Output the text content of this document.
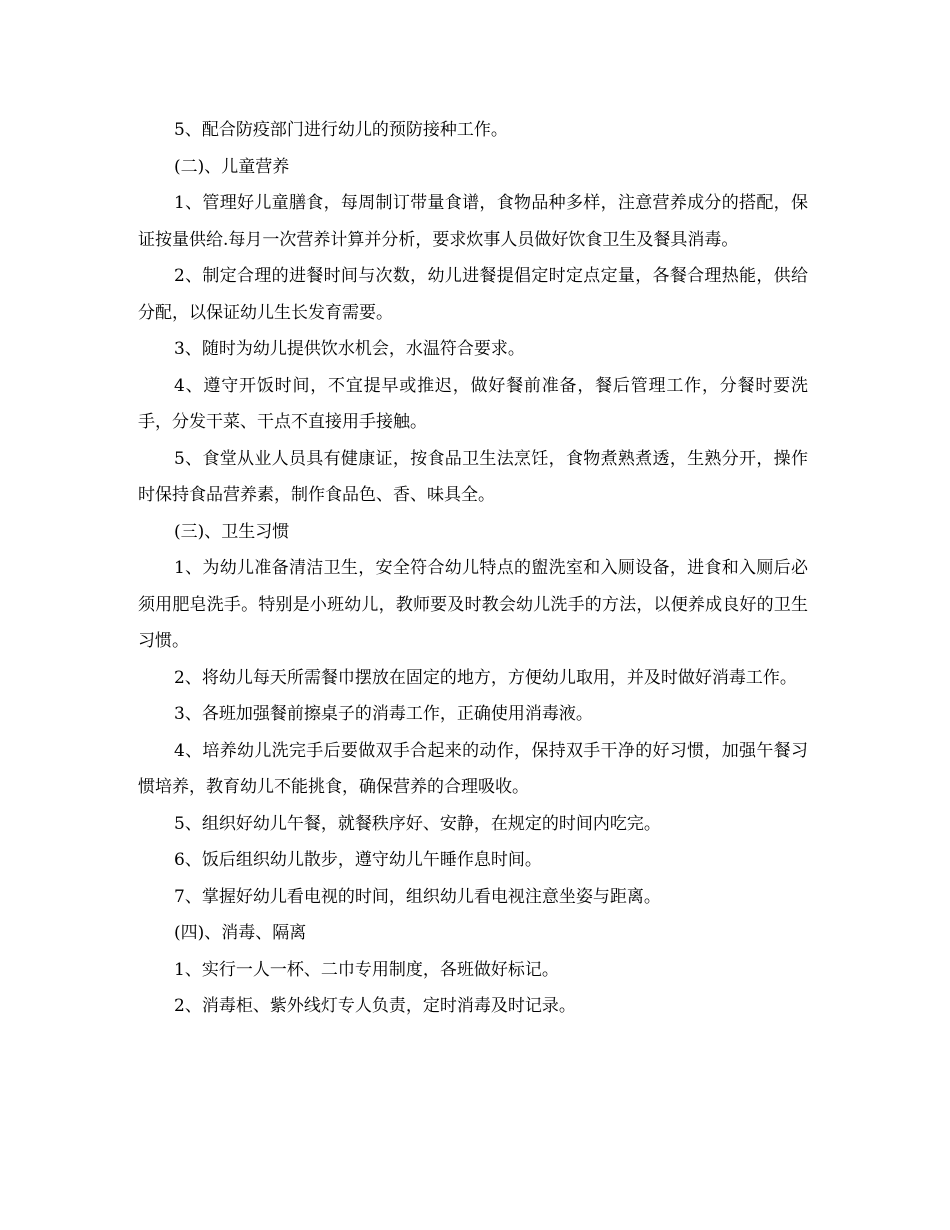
5、配合防疫部门进行幼儿的预防接种工作。

(二)、儿童营养

1、管理好儿童膳食，每周制订带量食谱，食物品种多样，注意营养成分的搭配，保证按量供给.每月一次营养计算并分析，要求炊事人员做好饮食卫生及餐具消毒。

2、制定合理的进餐时间与次数，幼儿进餐提倡定时定点定量，各餐合理热能，供给分配，以保证幼儿生长发育需要。

3、随时为幼儿提供饮水机会，水温符合要求。

4、遵守开饭时间，不宜提早或推迟，做好餐前准备，餐后管理工作，分餐时要洗手，分发干菜、干点不直接用手接触。

5、食堂从业人员具有健康证，按食品卫生法烹饪，食物煮熟煮透，生熟分开，操作时保持食品营养素，制作食品色、香、味具全。

(三)、卫生习惯

1、为幼儿准备清洁卫生，安全符合幼儿特点的盥洗室和入厕设备，进食和入厕后必须用肥皂洗手。特别是小班幼儿，教师要及时教会幼儿洗手的方法，以便养成良好的卫生习惯。

2、将幼儿每天所需餐巾摆放在固定的地方，方便幼儿取用，并及时做好消毒工作。

3、各班加强餐前擦桌子的消毒工作，正确使用消毒液。

4、培养幼儿洗完手后要做双手合起来的动作，保持双手干净的好习惯，加强午餐习惯培养，教育幼儿不能挑食，确保营养的合理吸收。

5、组织好幼儿午餐，就餐秩序好、安静，在规定的时间内吃完。

6、饭后组织幼儿散步，遵守幼儿午睡作息时间。

7、掌握好幼儿看电视的时间，组织幼儿看电视注意坐姿与距离。

(四)、消毒、隔离

1、实行一人一杯、二巾专用制度，各班做好标记。

2、消毒柜、紫外线灯专人负责，定时消毒及时记录。
